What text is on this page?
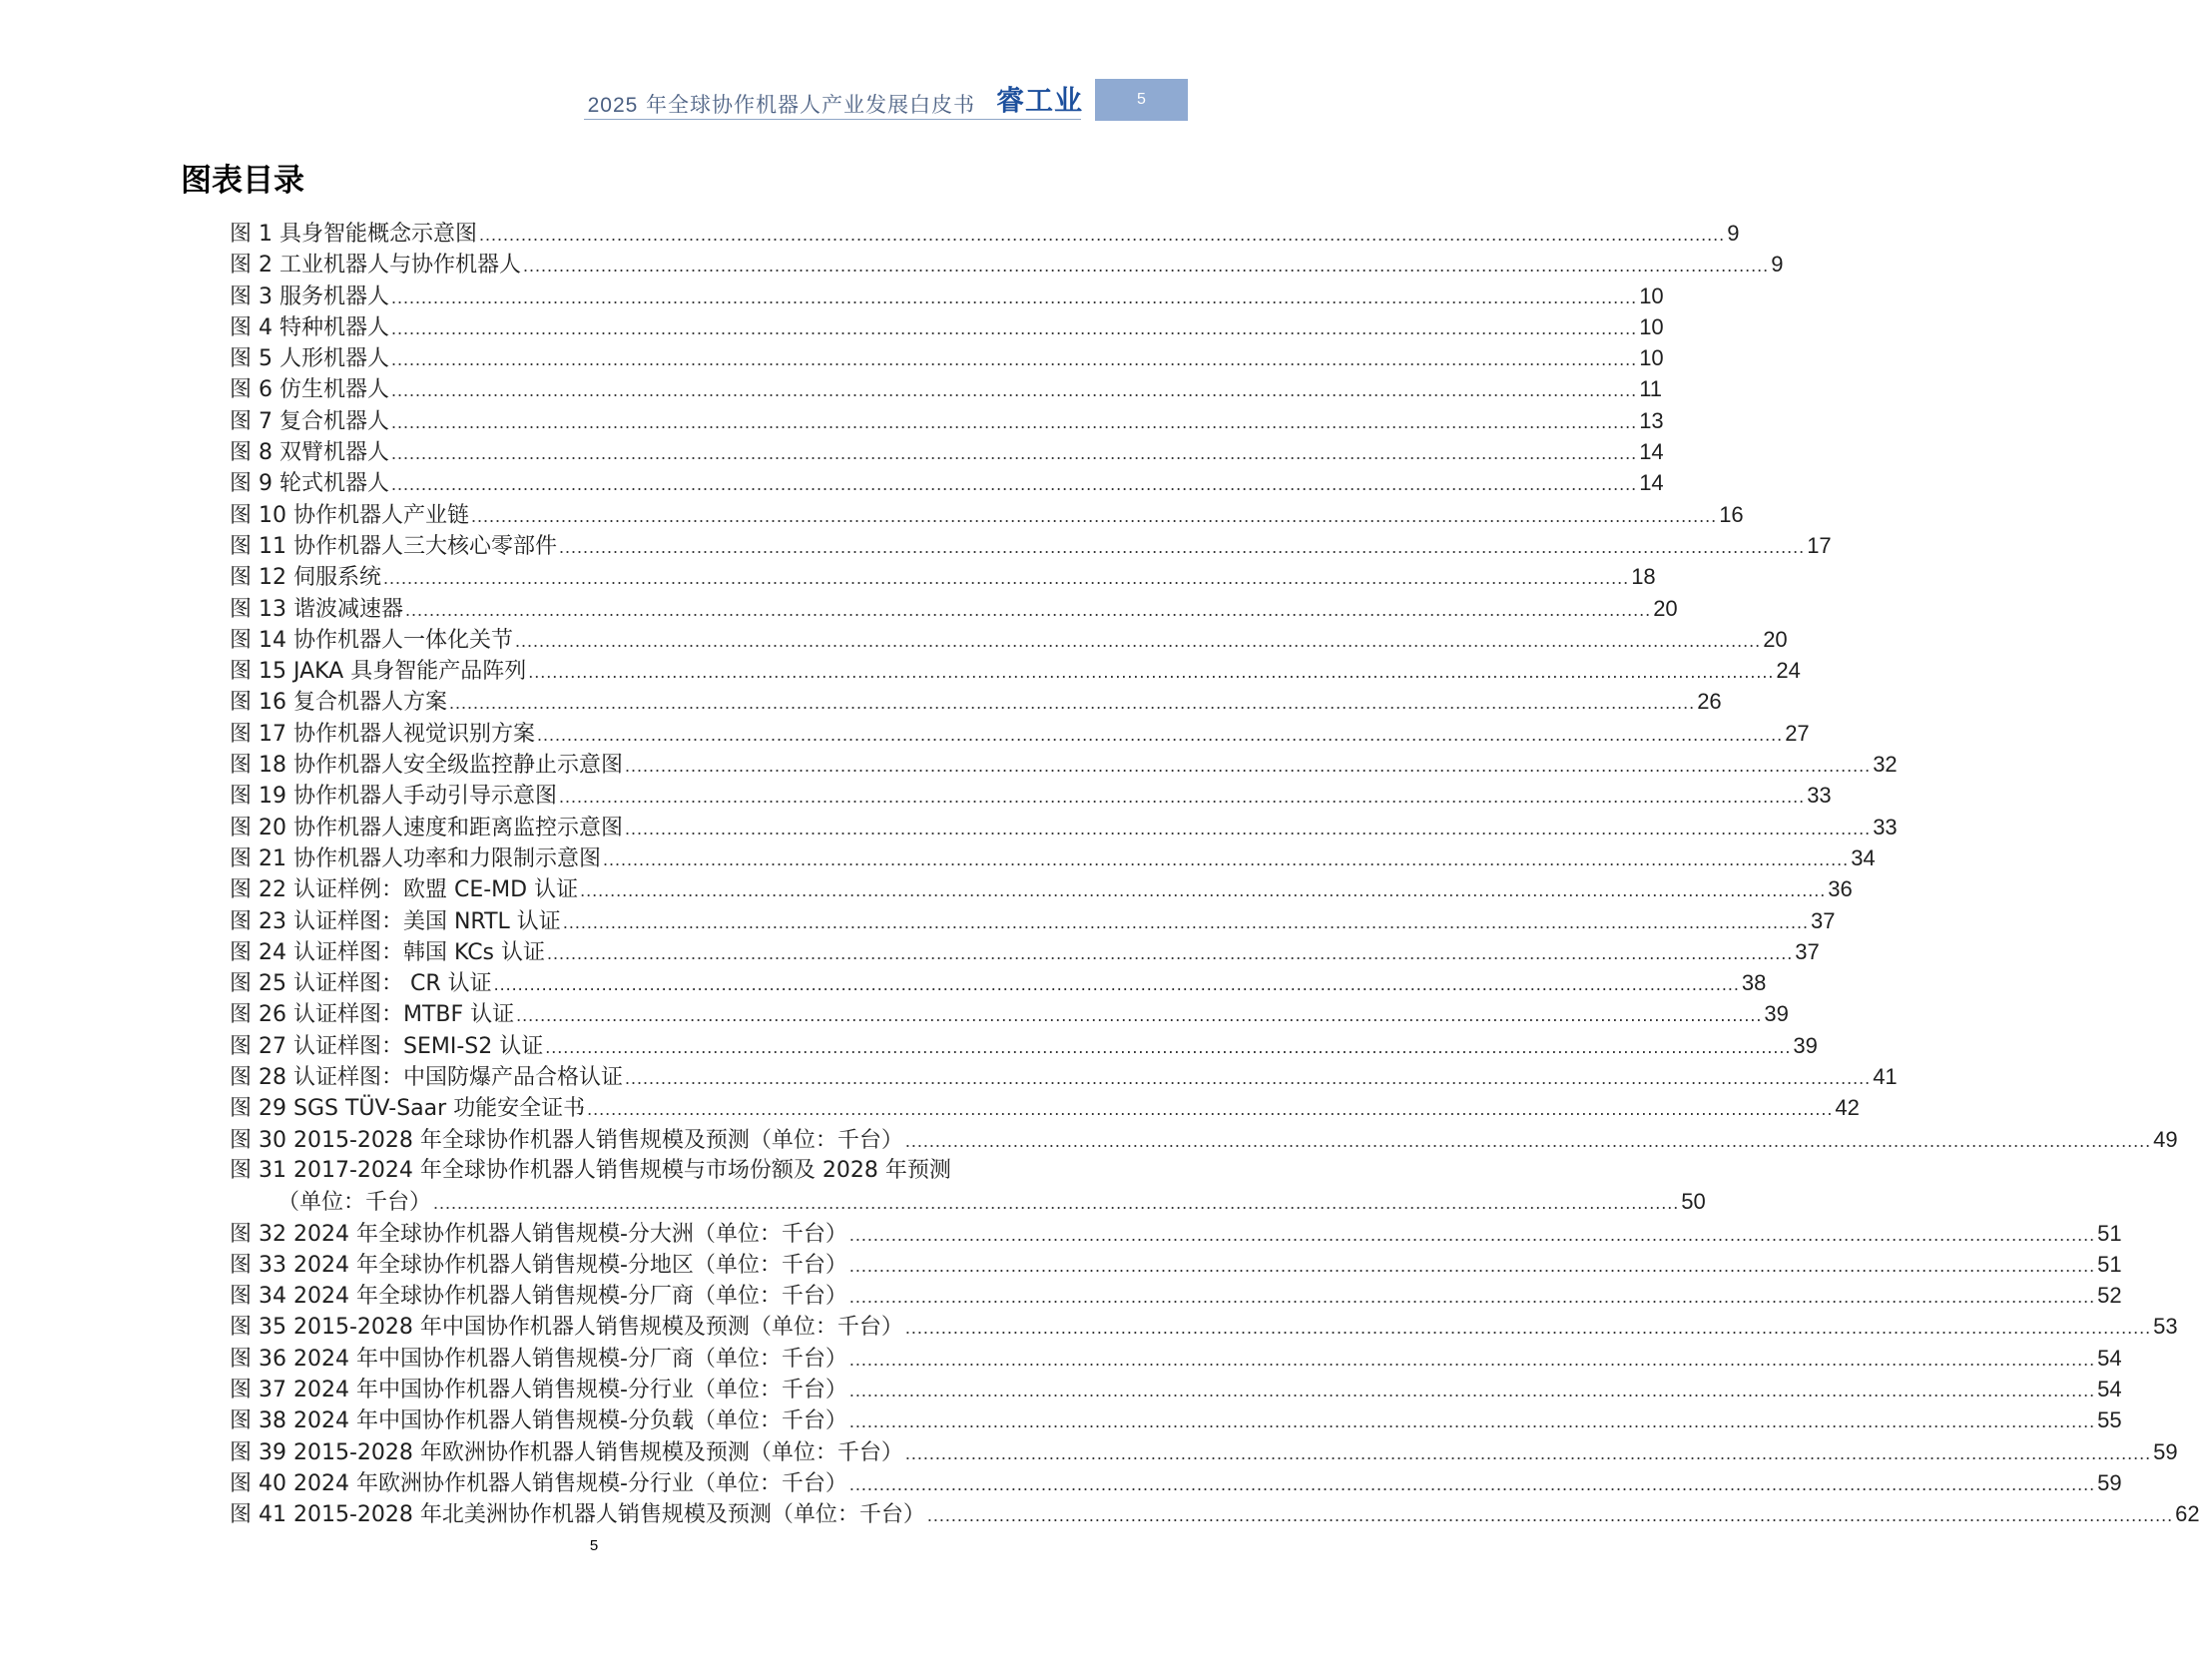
2025 年全球协作机器人产业发展白皮书 睿工业	5
图表目录
图 1 具身智能概念示意图 .....	9
图 2 工业机器人与协作机器人 .....	9
图 3 服务机器人 .....	10
图 4 特种机器人 .....	10
图 5 人形机器人 .....	10
图 6 仿生机器人 .....	11
图 7 复合机器人 .....	13
图 8 双臂机器人 .....	14
图 9 轮式机器人 .....	14
图 10 协作机器人产业链 .....	16
图 11 协作机器人三大核心零部件 .....	17
图 12 伺服系统 .....	18
图 13 谐波减速器 .....	20
图 14 协作机器人一体化关节 .....	20
图 15 JAKA 具身智能产品阵列 .....	24
图 16 复合机器人方案 .....	26
图 17 协作机器人视觉识别方案 .....	27
图 18 协作机器人安全级监控静止示意图 .....	32
图 19 协作机器人手动引导示意图 .....	33
图 20 协作机器人速度和距离监控示意图 .....	33
图 21 协作机器人功率和力限制示意图 .....	34
图 22 认证样例：欧盟 CE-MD 认证 .....	36
图 23 认证样图：美国 NRTL 认证 .....	37
图 24 认证样图：韩国 KCs 认证 .....	37
图 25 认证样图： CR 认证 .....	38
图 26 认证样图：MTBF 认证 .....	39
图 27 认证样图：SEMI-S2 认证 .....	39
图 28 认证样图：中国防爆产品合格认证 .....	41
图 29 SGS TÜV-Saar 功能安全证书 .....	42
图 30 2015-2028 年全球协作机器人销售规模及预测（单位：千台） .....	49
图 31 2017-2024 年全球协作机器人销售规模与市场份额及 2028 年预测
（单位：千台） .....	50
图 32 2024 年全球协作机器人销售规模-分大洲（单位：千台） .....	51
图 33 2024 年全球协作机器人销售规模-分地区（单位：千台） .....	51
图 34 2024 年全球协作机器人销售规模-分厂商（单位：千台） .....	52
图 35 2015-2028 年中国协作机器人销售规模及预测（单位：千台） .....	53
图 36 2024 年中国协作机器人销售规模-分厂商（单位：千台） .....	54
图 37 2024 年中国协作机器人销售规模-分行业（单位：千台） .....	54
图 38 2024 年中国协作机器人销售规模-分负载（单位：千台） .....	55
图 39 2015-2028 年欧洲协作机器人销售规模及预测（单位：千台） .....	59
图 40 2024 年欧洲协作机器人销售规模-分行业（单位：千台） .....	59
图 41 2015-2028 年北美洲协作机器人销售规模及预测（单位：千台） .....	62
5
